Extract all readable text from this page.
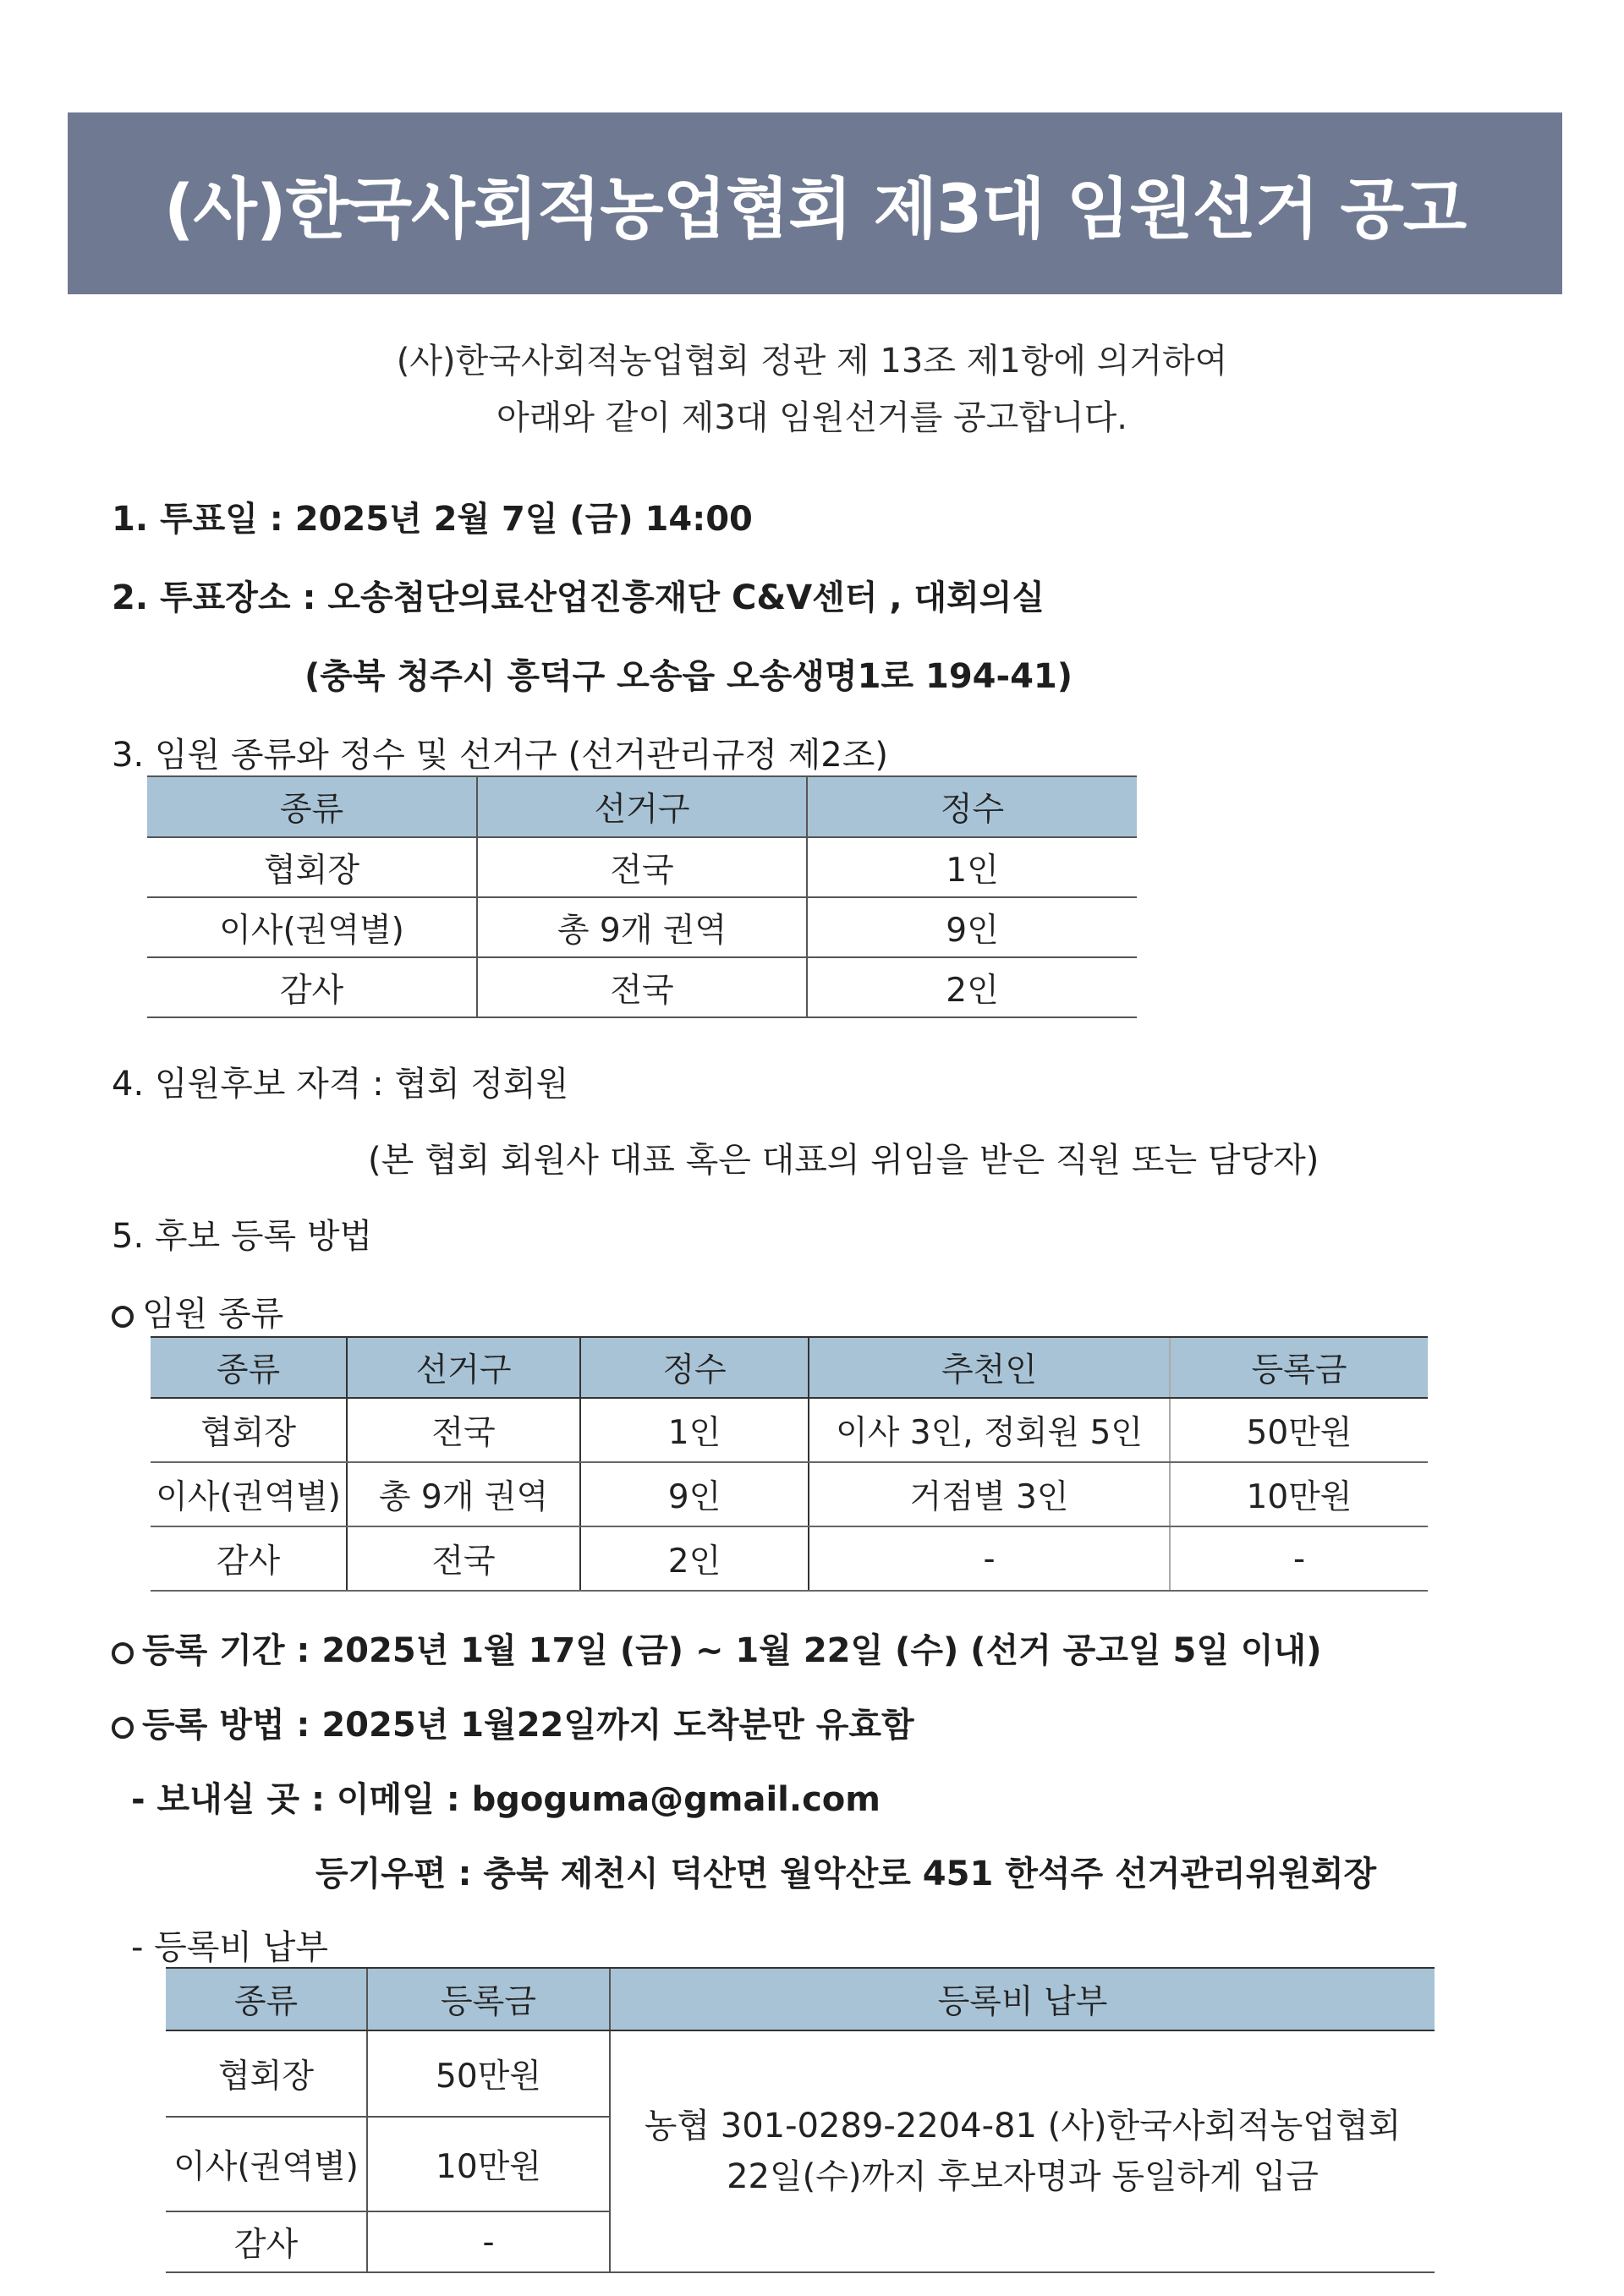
(사)한국사회적농업협회 제3대 임원선거 공고
(사)한국사회적농업협회 정관 제 13조 제1항에 의거하여
아래와 같이 제3대 임원선거를 공고합니다.
1. 투표일 : 2025년 2월 7일 (금) 14:00
2. 투표장소 : 오송첨단의료산업진흥재단 C&V센터 , 대회의실
(충북 청주시 흥덕구 오송읍 오송생명1로 194-41)
3. 임원 종류와 정수 및 선거구 (선거관리규정 제2조)
종류	선거구	정수
협회장	전국	1인
이사(권역별)	총 9개 권역	9인
감사	전국	2인
4. 임원후보 자격 : 협회 정회원
(본 협회 회원사 대표 혹은 대표의 위임을 받은 직원 또는 담당자)
5. 후보 등록 방법
임원 종류
종류	선거구	정수	추천인	등록금
협회장	전국	1인	이사 3인, 정회원 5인	50만원
이사(권역별)	총 9개 권역	9인	거점별 3인	10만원
감사	전국	2인	-	-
등록 기간 : 2025년 1월 17일 (금) ~ 1월 22일 (수) (선거 공고일 5일 이내)
등록 방법 : 2025년 1월22일까지 도착분만 유효함
- 보내실 곳 : 이메일 : bgoguma@gmail.com
등기우편 : 충북 제천시 덕산면 월악산로 451 한석주 선거관리위원회장
- 등록비 납부
종류	등록금	등록비 납부
협회장	50만원	농협 301-0289-2204-81 (사)한국사회적농업협회
22일(수)까지 후보자명과 동일하게 입금

이사(권역별)	10만원	
감사	-	
